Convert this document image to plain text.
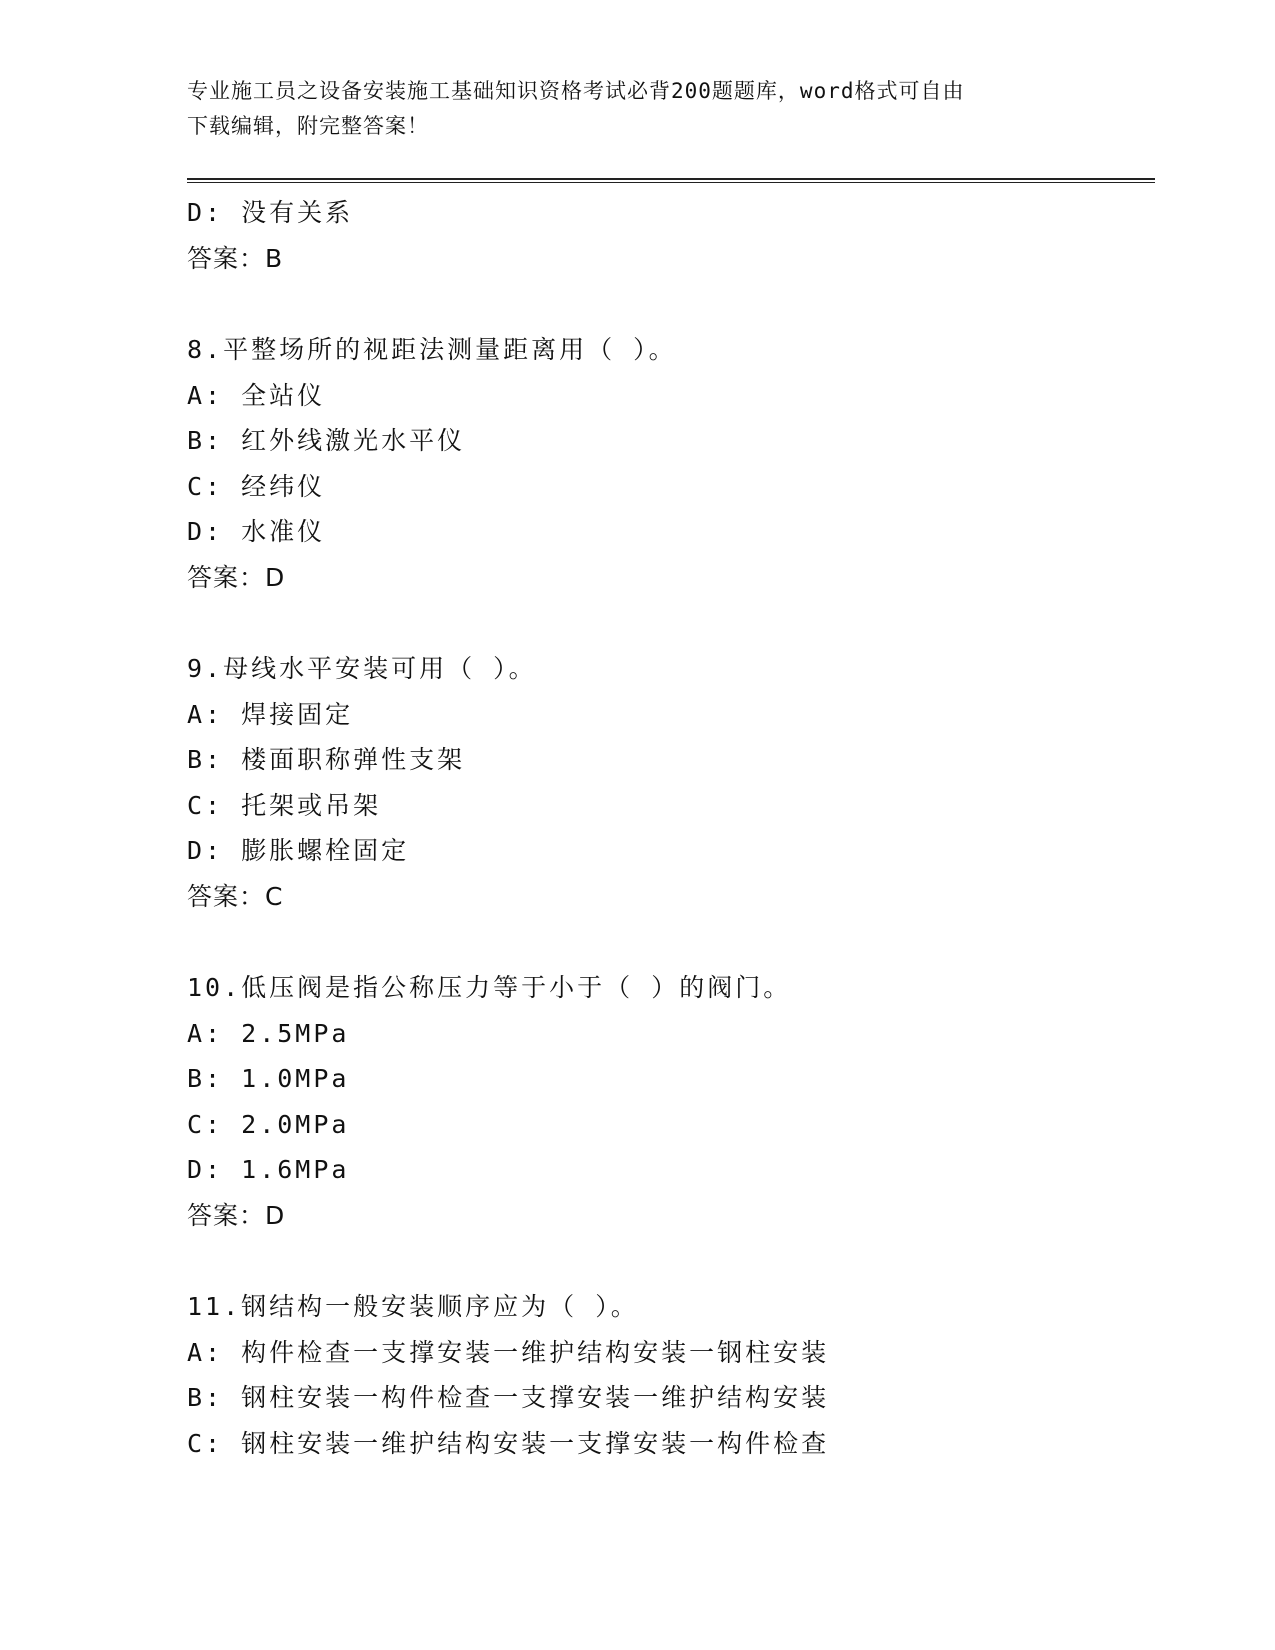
专业施工员之设备安装施工基础知识资格考试必背200题题库，word格式可自由
下载编辑，附完整答案！
D: 没有关系
答案：B
8.平整场所的视距法测量距离用（ ）。
A: 全站仪
B: 红外线激光水平仪
C: 经纬仪
D: 水准仪
答案：D
9.母线水平安装可用（ ）。
A: 焊接固定
B: 楼面职称弹性支架
C: 托架或吊架
D: 膨胀螺栓固定
答案：C
10.低压阀是指公称压力等于小于（ ）的阀门。
A: 2.5MPa
B: 1.0MPa
C: 2.0MPa
D: 1.6MPa
答案：D
11.钢结构一般安装顺序应为（ ）。
A: 构件检查一支撑安装一维护结构安装一钢柱安装
B: 钢柱安装一构件检查一支撑安装一维护结构安装
C: 钢柱安装一维护结构安装一支撑安装一构件检查
